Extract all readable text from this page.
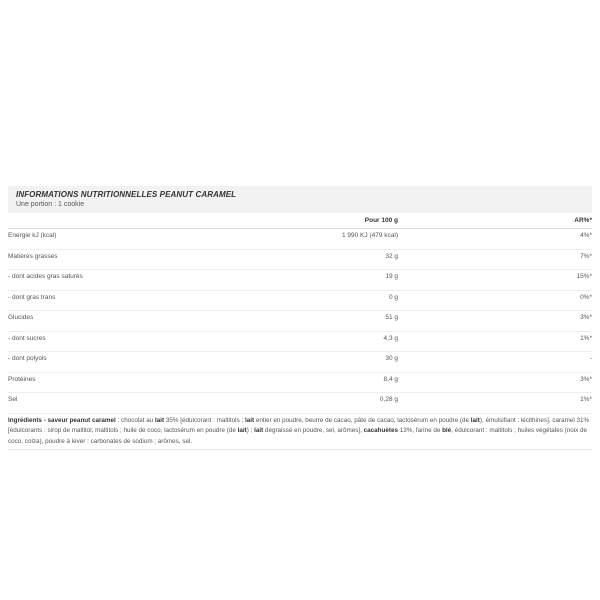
INFORMATIONS NUTRITIONNELLES PEANUT CARAMEL
Une portion : 1 cookie
	Pour 100 g	AR%*
Energie kJ (kcal)	1 990 KJ (479 kcal)	4%*
Matières grasses	32 g	7%*
- dont acides gras saturés	19 g	15%*
- dont gras trans	0 g	0%*
Glucides	51 g	3%*
- dont sucres	4,3 g	1%*
- dont polyols	30 g	-
Protéines	8,4 g	3%*
Sel	0,28 g	1%*
Ingrédients - saveur peanut caramel : chocolat au lait 35% [édulcorant : maltitols ; lait entier en poudre, beurre de cacao, pâte de cacao, lactosérum en poudre (de lait), émulsifiant : lécithines], caramel 31% [édulcorants : sirop de maltitol, maltitols ; huile de coco, lactosérum en poudre (de lait) ; lait dégraissé en poudre, sel, arômes], cacahuètes 13%, farine de blé, édulcorant : maltitols ; huiles végétales (noix de coco, colza), poudre à lever : carbonates de sodium ; arômes, sel.
